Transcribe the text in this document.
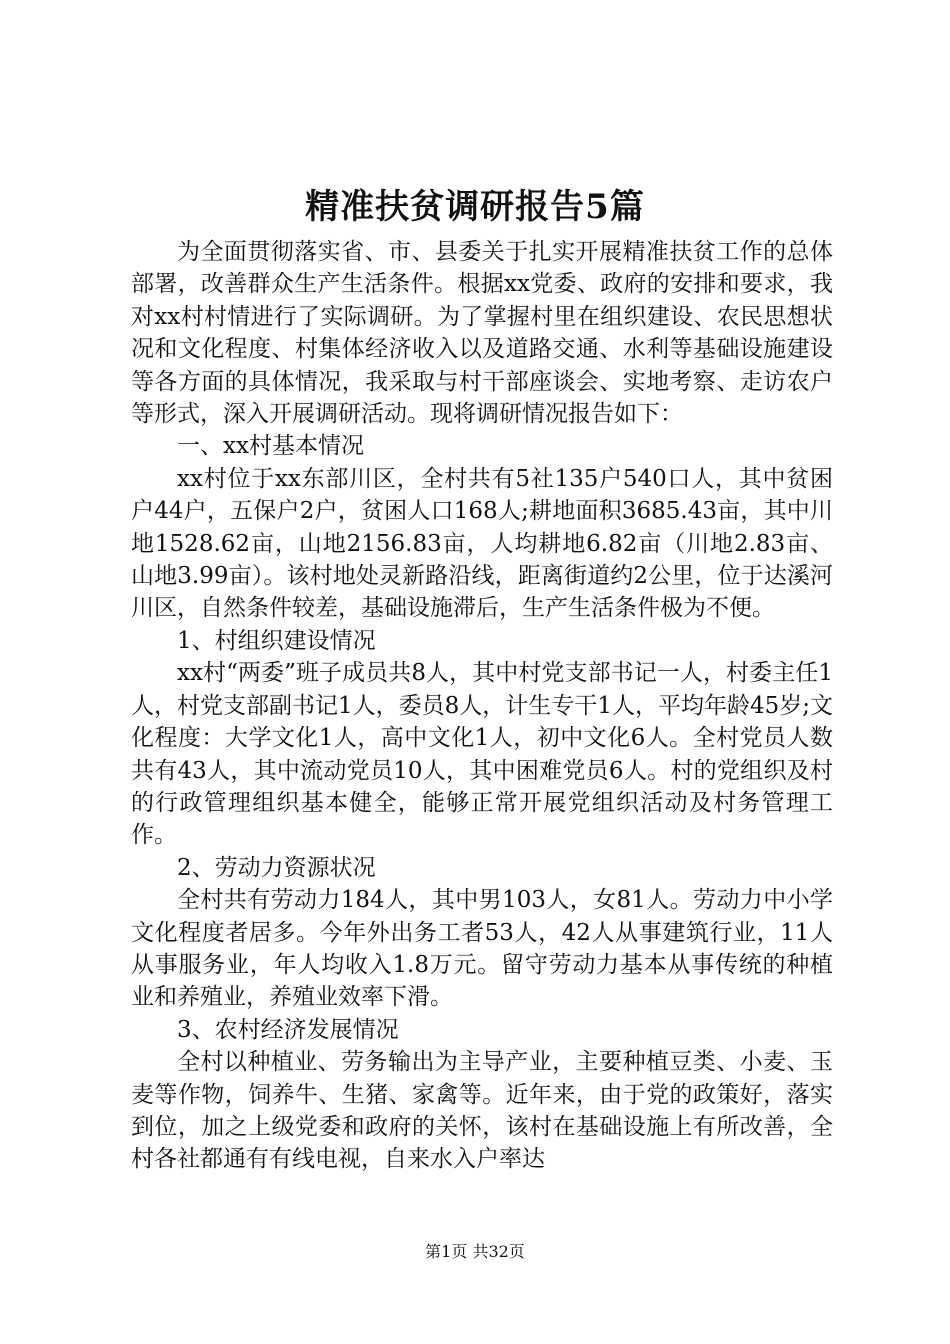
精准扶贫调研报告5篇

为全面贯彻落实省、市、县委关于扎实开展精准扶贫工作的总体部署，改善群众生产生活条件。根据xx党委、政府的安排和要求，我对xx村村情进行了实际调研。为了掌握村里在组织建设、农民思想状况和文化程度、村集体经济收入以及道路交通、水利等基础设施建设等各方面的具体情况，我采取与村干部座谈会、实地考察、走访农户等形式，深入开展调研活动。现将调研情况报告如下：

一、xx村基本情况

xx村位于xx东部川区，全村共有5社135户540口人，其中贫困户44户，五保户2户，贫困人口168人;耕地面积3685.43亩，其中川地1528.62亩，山地2156.83亩，人均耕地6.82亩（川地2.83亩、山地3.99亩）。该村地处灵新路沿线，距离街道约2公里，位于达溪河川区，自然条件较差，基础设施滞后，生产生活条件极为不便。

1、村组织建设情况

xx村“两委”班子成员共8人，其中村党支部书记一人，村委主任1人，村党支部副书记1人，委员8人，计生专干1人，平均年龄45岁;文化程度：大学文化1人，高中文化1人，初中文化6人。全村党员人数共有43人，其中流动党员10人，其中困难党员6人。村的党组织及村的行政管理组织基本健全，能够正常开展党组织活动及村务管理工作。

2、劳动力资源状况

全村共有劳动力184人，其中男103人，女81人。劳动力中小学文化程度者居多。今年外出务工者53人，42人从事建筑行业，11人从事服务业，年人均收入1.8万元。留守劳动力基本从事传统的种植业和养殖业，养殖业效率下滑。

3、农村经济发展情况

全村以种植业、劳务输出为主导产业，主要种植豆类、小麦、玉麦等作物，饲养牛、生猪、家禽等。近年来，由于党的政策好，落实到位，加之上级党委和政府的关怀，该村在基础设施上有所改善，全村各社都通有有线电视，自来水入户率达

第1页 共32页
